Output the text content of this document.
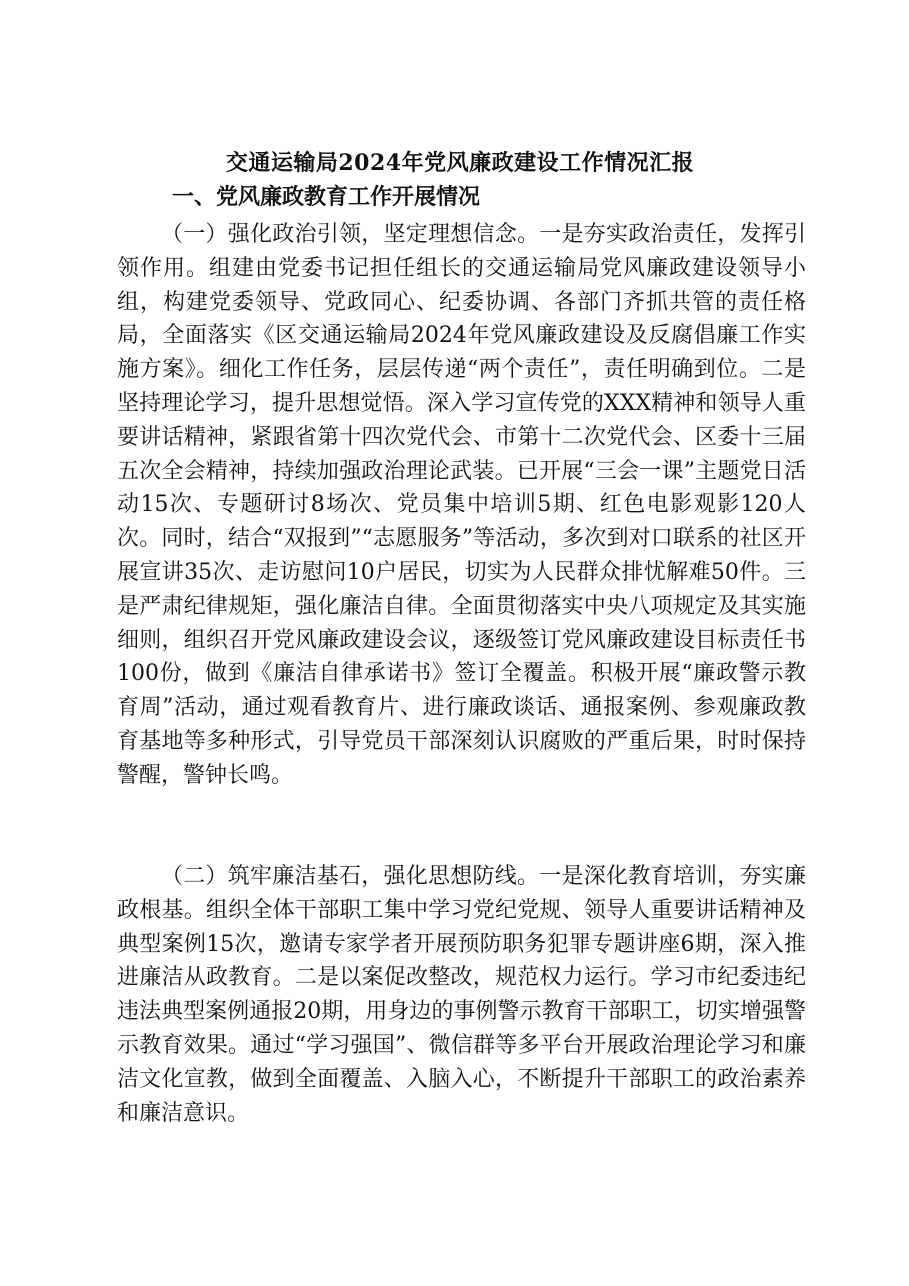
交通运输局2024年党风廉政建设工作情况汇报
一、党风廉政教育工作开展情况

（一）强化政治引领，坚定理想信念。一是夯实政治责任，发挥引领作用。组建由党委书记担任组长的交通运输局党风廉政建设领导小组，构建党委领导、党政同心、纪委协调、各部门齐抓共管的责任格局，全面落实《区交通运输局2024年党风廉政建设及反腐倡廉工作实施方案》。细化工作任务，层层传递“两个责任”，责任明确到位。二是坚持理论学习，提升思想觉悟。深入学习宣传党的XXX精神和领导人重要讲话精神，紧跟省第十四次党代会、市第十二次党代会、区委十三届五次全会精神，持续加强政治理论武装。已开展“三会一课”主题党日活动15次、专题研讨8场次、党员集中培训5期、红色电影观影120人次。同时，结合“双报到”“志愿服务”等活动，多次到对口联系的社区开展宣讲35次、走访慰问10户居民，切实为人民群众排忧解难50件。三是严肃纪律规矩，强化廉洁自律。全面贯彻落实中央八项规定及其实施细则，组织召开党风廉政建设会议，逐级签订党风廉政建设目标责任书100份，做到《廉洁自律承诺书》签订全覆盖。积极开展“廉政警示教育周”活动，通过观看教育片、进行廉政谈话、通报案例、参观廉政教育基地等多种形式，引导党员干部深刻认识腐败的严重后果，时时保持警醒，警钟长鸣。

（二）筑牢廉洁基石，强化思想防线。一是深化教育培训，夯实廉政根基。组织全体干部职工集中学习党纪党规、领导人重要讲话精神及典型案例15次，邀请专家学者开展预防职务犯罪专题讲座6期，深入推进廉洁从政教育。二是以案促改整改，规范权力运行。学习市纪委违纪违法典型案例通报20期，用身边的事例警示教育干部职工，切实增强警示教育效果。通过“学习强国”、微信群等多平台开展政治理论学习和廉洁文化宣教，做到全面覆盖、入脑入心，不断提升干部职工的政治素养和廉洁意识。
